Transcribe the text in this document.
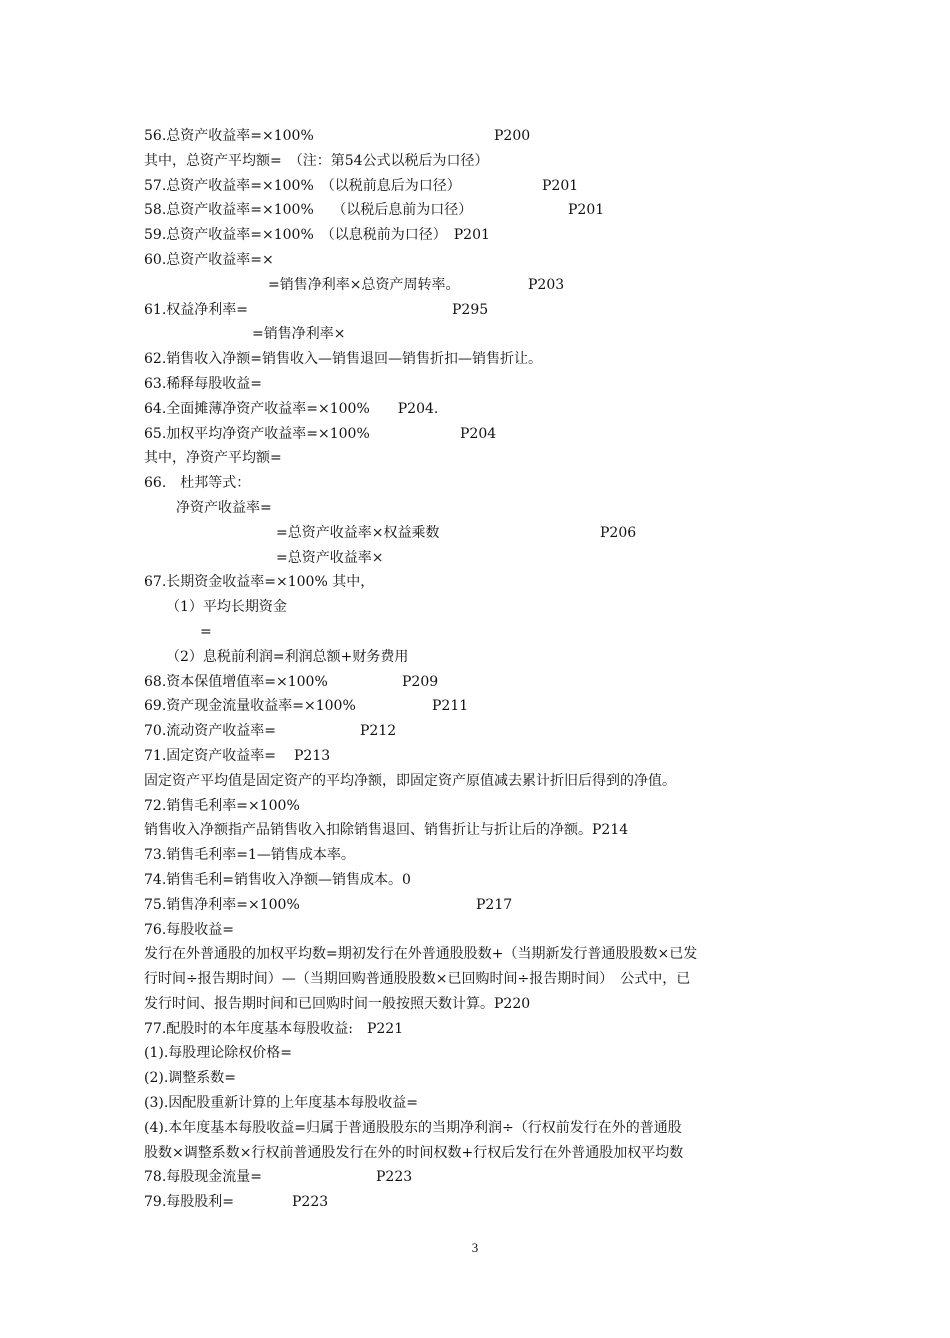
56.总资产收益率=×100%	P200
其中，总资产平均额=　（注：第54公式以税后为口径）
57.总资产收益率=×100%　（以税前息后为口径）	P201
58.总资产收益率=×100%　 （以税后息前为口径）	P201
59.总资产收益率=×100%　（以息税前为口径）　P201
60.总资产收益率=×
=销售净利率×总资产周转率。	P203
61.权益净利率=	P295
=销售净利率×
62.销售收入净额=销售收入—销售退回—销售折扣—销售折让。
63.稀释每股收益=
64.全面摊薄净资产收益率=×100%　　P204.
65.加权平均净资产收益率=×100%	P204
其中，净资产平均额=
66.　杜邦等式：
净资产收益率=
=总资产收益率×权益乘数	P206
=总资产收益率×
67.长期资金收益率=×100% 其中，
（1）平均长期资金
=
（2）息税前利润=利润总额+财务费用
68.资本保值增值率=×100%	P209
69.资产现金流量收益率=×100%	P211
70.流动资产收益率=	P212
71.固定资产收益率= P213
固定资产平均值是固定资产的平均净额，即固定资产原值减去累计折旧后得到的净值。
72.销售毛利率=×100%
销售收入净额指产品销售收入扣除销售退回、销售折让与折让后的净额。P214
73.销售毛利率=1—销售成本率。
74.销售毛利=销售收入净额—销售成本。0
75.销售净利率=×100%	P217
76.每股收益=
发行在外普通股的加权平均数=期初发行在外普通股股数+（当期新发行普通股股数×已发
行时间÷报告期时间）—（当期回购普通股股数×已回购时间÷报告期时间）　公式中，已
发行时间、报告期时间和已回购时间一般按照天数计算。P220
77.配股时的本年度基本每股收益:　P221
(1).每股理论除权价格=
(2).调整系数=
(3).因配股重新计算的上年度基本每股收益=
(4).本年度基本每股收益=归属于普通股股东的当期净利润÷（行权前发行在外的普通股
股数×调整系数×行权前普通股发行在外的时间权数+行权后发行在外普通股加权平均数
78.每股现金流量=	P223
79.每股股利=	P223
3
